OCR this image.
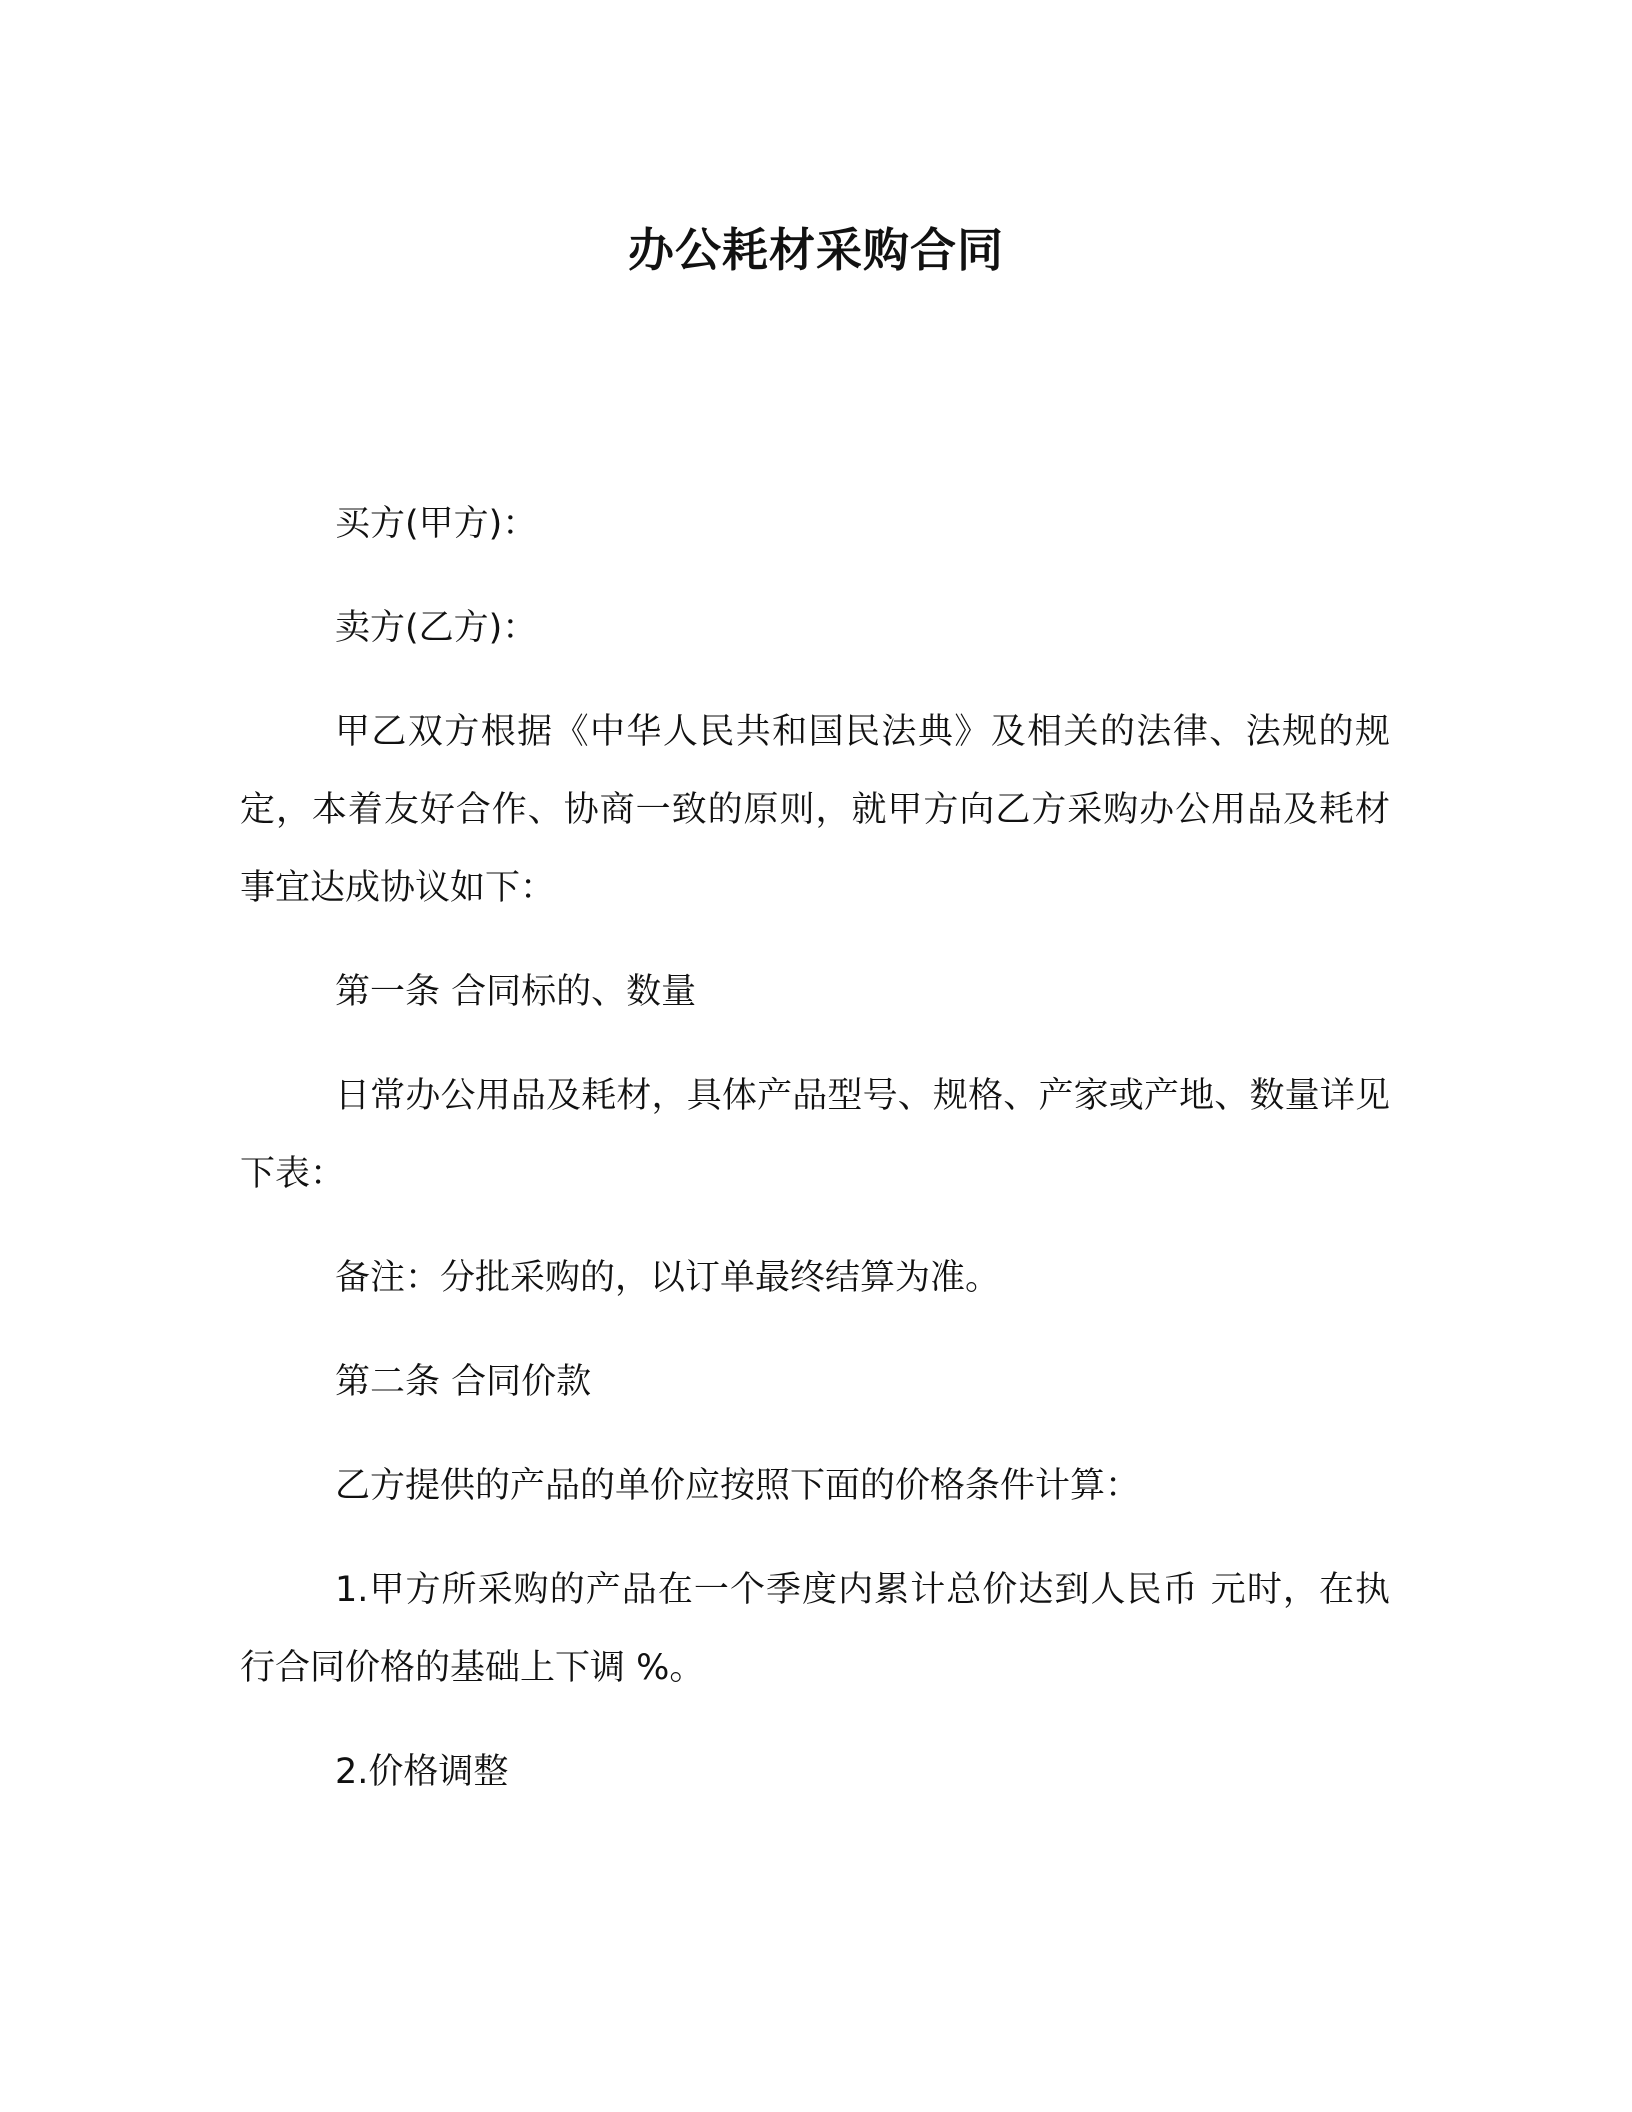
办公耗材采购合同

买方(甲方)：

卖方(乙方)：

甲乙双方根据《中华人民共和国民法典》及相关的法律、法规的规定，本着友好合作、协商一致的原则，就甲方向乙方采购办公用品及耗材事宜达成协议如下：

第一条 合同标的、数量

日常办公用品及耗材，具体产品型号、规格、产家或产地、数量详见下表：

备注：分批采购的，以订单最终结算为准。

第二条 合同价款

乙方提供的产品的单价应按照下面的价格条件计算：

1.甲方所采购的产品在一个季度内累计总价达到人民币 元时，在执行合同价格的基础上下调 %。

2.价格调整
